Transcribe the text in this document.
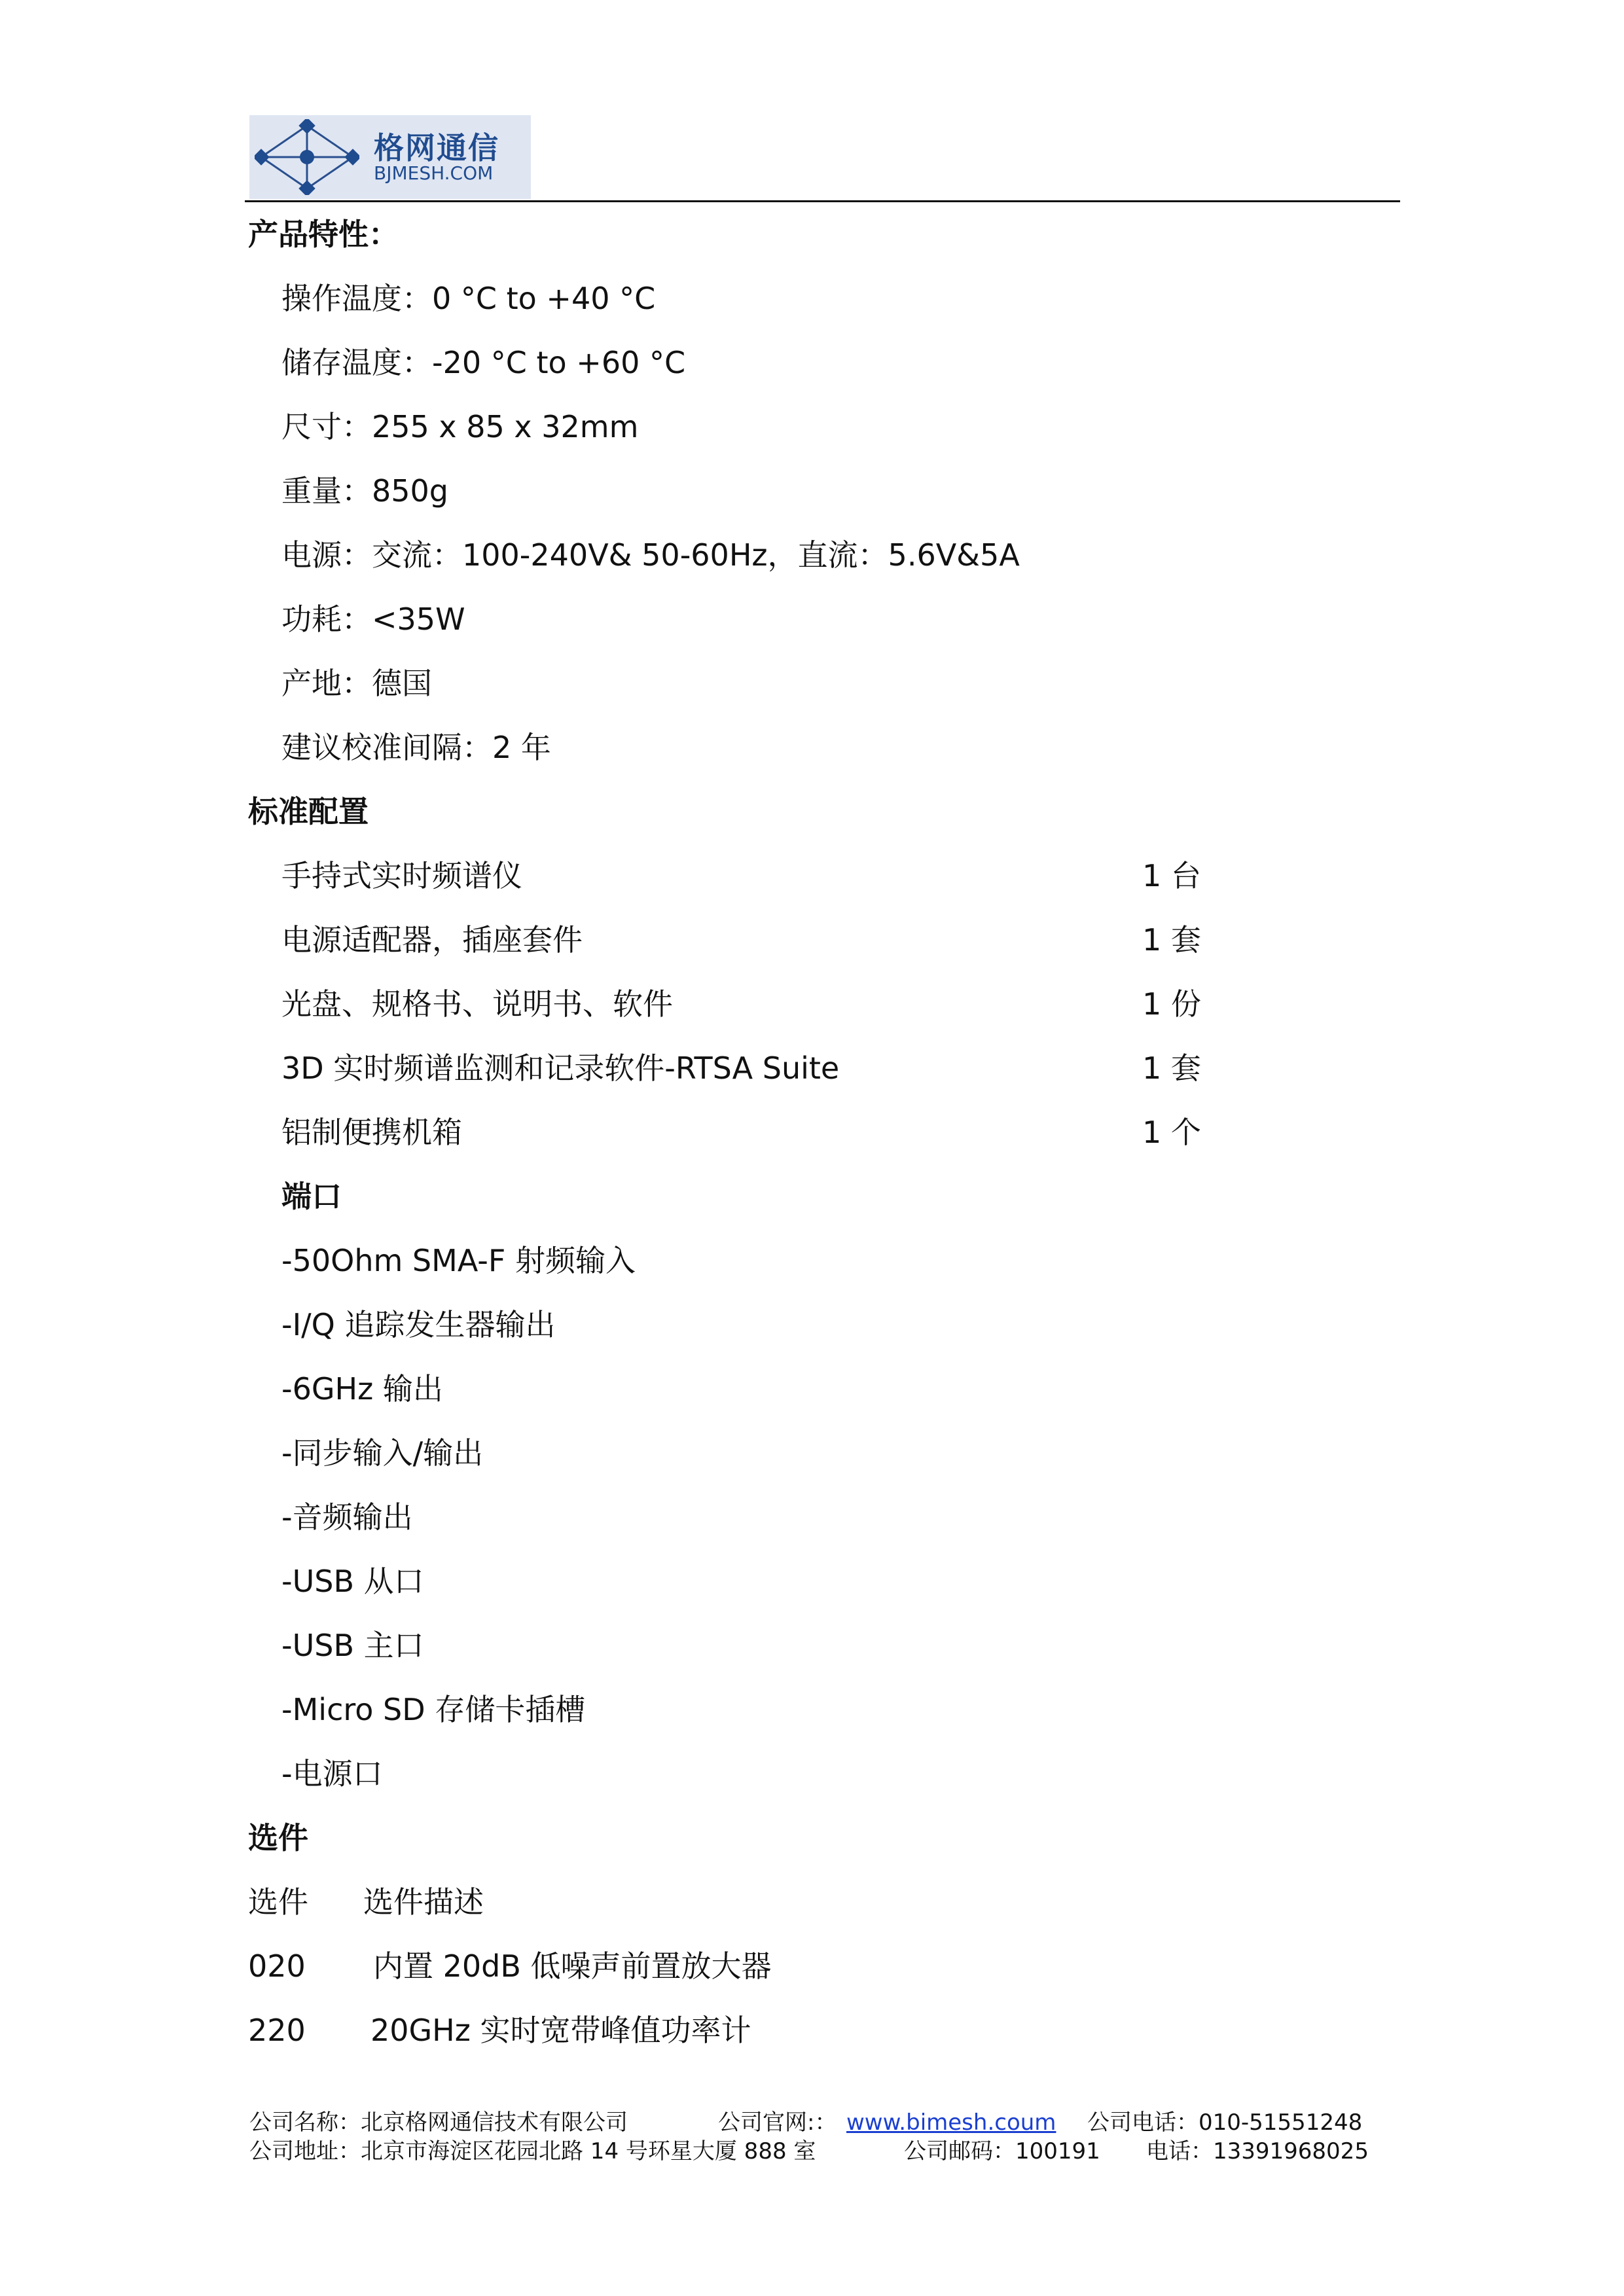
格网通信
BJMESH.COM
产品特性：
操作温度：0 °C to +40 °C
储存温度：-20 °C to +60 °C
尺寸：255 x 85 x 32mm
重量：850g
电源：交流：100-240V& 50-60Hz，直流：5.6V&5A
功耗：<35W
产地：德国
建议校准间隔：2 年
标准配置
手持式实时频谱仪	1 台
电源适配器，插座套件	1 套
光盘、规格书、说明书、软件	1 份
3D 实时频谱监测和记录软件-RTSA Suite	1 套
铝制便携机箱	1 个
端口
-50Ohm SMA-F 射频输入
-I/Q 追踪发生器输出
-6GHz 输出
-同步输入/输出
-音频输出
-USB 从口
-USB 主口
-Micro SD 存储卡插槽
-电源口
选件
选件 选件描述
020 内置 20dB 低噪声前置放大器
220 20GHz 实时宽带峰值功率计
公司名称：北京格网通信技术有限公司	公司官网:： www.bimesh.coum 公司电话：010-51551248
公司地址：北京市海淀区花园北路 14 号环星大厦 888 室	公司邮码：100191 电话：13391968025
